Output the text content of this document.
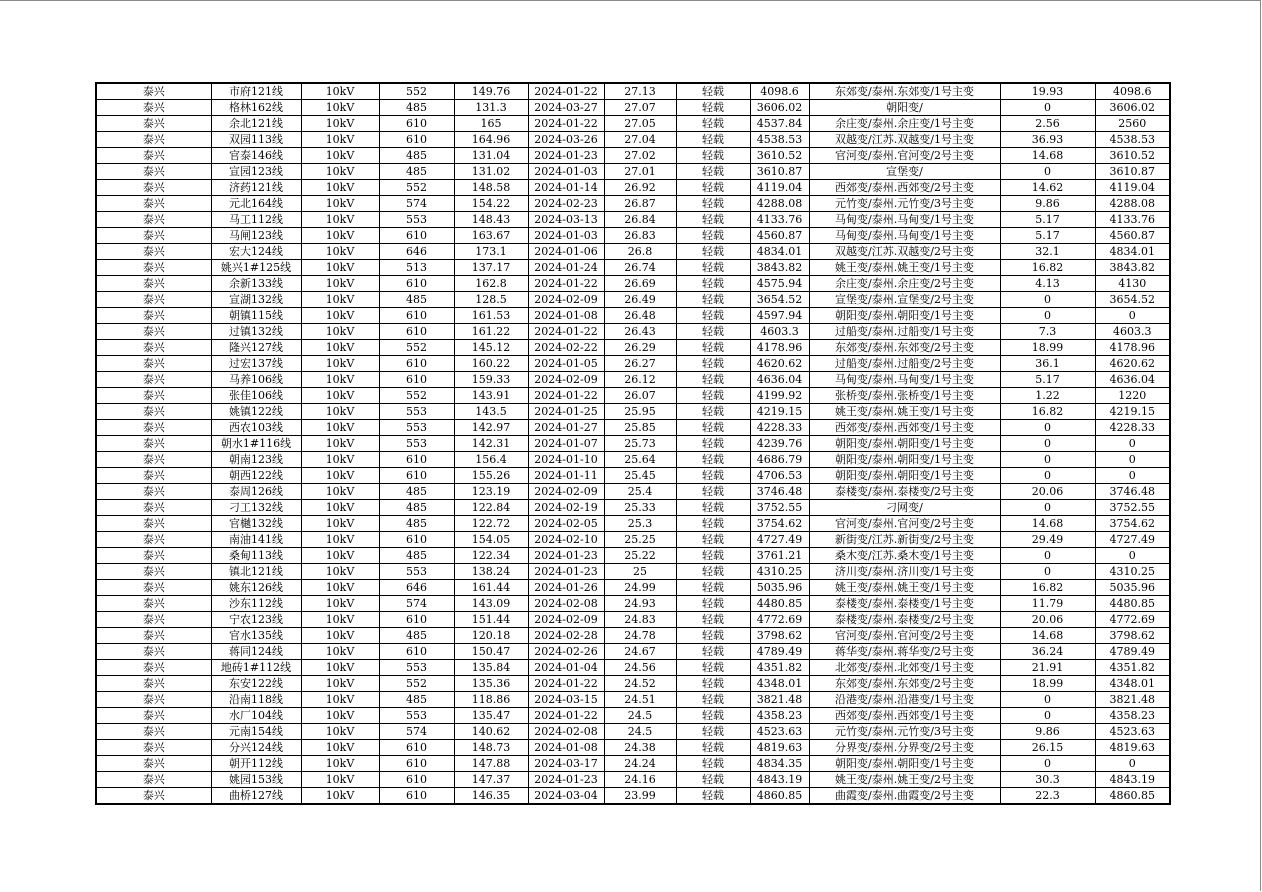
泰兴	市府121线	10kV	552	149.76	2024-01-22	27.13	轻载	4098.6	东郊变/泰州.东郊变/1号主变	19.93	4098.6
泰兴	格林162线	10kV	485	131.3	2024-03-27	27.07	轻载	3606.02	朝阳变/	0	3606.02
泰兴	余北121线	10kV	610	165	2024-01-22	27.05	轻载	4537.84	余庄变/泰州.余庄变/1号主变	2.56	2560
泰兴	双园113线	10kV	610	164.96	2024-03-26	27.04	轻载	4538.53	双越变/江苏.双越变/1号主变	36.93	4538.53
泰兴	官泰146线	10kV	485	131.04	2024-01-23	27.02	轻载	3610.52	官河变/泰州.官河变/2号主变	14.68	3610.52
泰兴	宣园123线	10kV	485	131.02	2024-01-03	27.01	轻载	3610.87	宣堡变/	0	3610.87
泰兴	济药121线	10kV	552	148.58	2024-01-14	26.92	轻载	4119.04	西郊变/泰州.西郊变/2号主变	14.62	4119.04
泰兴	元北164线	10kV	574	154.22	2024-02-23	26.87	轻载	4288.08	元竹变/泰州.元竹变/3号主变	9.86	4288.08
泰兴	马工112线	10kV	553	148.43	2024-03-13	26.84	轻载	4133.76	马甸变/泰州.马甸变/1号主变	5.17	4133.76
泰兴	马闸123线	10kV	610	163.67	2024-01-03	26.83	轻载	4560.87	马甸变/泰州.马甸变/1号主变	5.17	4560.87
泰兴	宏大124线	10kV	646	173.1	2024-01-06	26.8	轻载	4834.01	双越变/江苏.双越变/2号主变	32.1	4834.01
泰兴	姚兴1#125线	10kV	513	137.17	2024-01-24	26.74	轻载	3843.82	姚王变/泰州.姚王变/1号主变	16.82	3843.82
泰兴	余新133线	10kV	610	162.8	2024-01-22	26.69	轻载	4575.94	余庄变/泰州.余庄变/2号主变	4.13	4130
泰兴	宣湖132线	10kV	485	128.5	2024-02-09	26.49	轻载	3654.52	宣堡变/泰州.宣堡变/2号主变	0	3654.52
泰兴	朝镇115线	10kV	610	161.53	2024-01-08	26.48	轻载	4597.94	朝阳变/泰州.朝阳变/1号主变	0	0
泰兴	过镇132线	10kV	610	161.22	2024-01-22	26.43	轻载	4603.3	过船变/泰州.过船变/1号主变	7.3	4603.3
泰兴	隆兴127线	10kV	552	145.12	2024-02-22	26.29	轻载	4178.96	东郊变/泰州.东郊变/2号主变	18.99	4178.96
泰兴	过宏137线	10kV	610	160.22	2024-01-05	26.27	轻载	4620.62	过船变/泰州.过船变/2号主变	36.1	4620.62
泰兴	马养106线	10kV	610	159.33	2024-02-09	26.12	轻载	4636.04	马甸变/泰州.马甸变/1号主变	5.17	4636.04
泰兴	张佳106线	10kV	552	143.91	2024-01-22	26.07	轻载	4199.92	张桥变/泰州.张桥变/1号主变	1.22	1220
泰兴	姚镇122线	10kV	553	143.5	2024-01-25	25.95	轻载	4219.15	姚王变/泰州.姚王变/1号主变	16.82	4219.15
泰兴	西农103线	10kV	553	142.97	2024-01-27	25.85	轻载	4228.33	西郊变/泰州.西郊变/1号主变	0	4228.33
泰兴	朝水1#116线	10kV	553	142.31	2024-01-07	25.73	轻载	4239.76	朝阳变/泰州.朝阳变/1号主变	0	0
泰兴	朝南123线	10kV	610	156.4	2024-01-10	25.64	轻载	4686.79	朝阳变/泰州.朝阳变/1号主变	0	0
泰兴	朝西122线	10kV	610	155.26	2024-01-11	25.45	轻载	4706.53	朝阳变/泰州.朝阳变/1号主变	0	0
泰兴	泰周126线	10kV	485	123.19	2024-02-09	25.4	轻载	3746.48	泰楼变/泰州.泰楼变/2号主变	20.06	3746.48
泰兴	刁工132线	10kV	485	122.84	2024-02-19	25.33	轻载	3752.55	刁网变/	0	3752.55
泰兴	官樾132线	10kV	485	122.72	2024-02-05	25.3	轻载	3754.62	官河变/泰州.官河变/2号主变	14.68	3754.62
泰兴	南油141线	10kV	610	154.05	2024-02-10	25.25	轻载	4727.49	新街变/江苏.新街变/2号主变	29.49	4727.49
泰兴	桑甸113线	10kV	485	122.34	2024-01-23	25.22	轻载	3761.21	桑木变/江苏.桑木变/1号主变	0	0
泰兴	镇北121线	10kV	553	138.24	2024-01-23	25	轻载	4310.25	济川变/泰州.济川变/1号主变	0	4310.25
泰兴	姚东126线	10kV	646	161.44	2024-01-26	24.99	轻载	5035.96	姚王变/泰州.姚王变/1号主变	16.82	5035.96
泰兴	沙东112线	10kV	574	143.09	2024-02-08	24.93	轻载	4480.85	泰楼变/泰州.泰楼变/1号主变	11.79	4480.85
泰兴	宁农123线	10kV	610	151.44	2024-02-09	24.83	轻载	4772.69	泰楼变/泰州.泰楼变/2号主变	20.06	4772.69
泰兴	官水135线	10kV	485	120.18	2024-02-28	24.78	轻载	3798.62	官河变/泰州.官河变/2号主变	14.68	3798.62
泰兴	蒋同124线	10kV	610	150.47	2024-02-26	24.67	轻载	4789.49	蒋华变/泰州.蒋华变/2号主变	36.24	4789.49
泰兴	地砖1#112线	10kV	553	135.84	2024-01-04	24.56	轻载	4351.82	北郊变/泰州.北郊变/1号主变	21.91	4351.82
泰兴	东安122线	10kV	552	135.36	2024-01-22	24.52	轻载	4348.01	东郊变/泰州.东郊变/2号主变	18.99	4348.01
泰兴	沿南118线	10kV	485	118.86	2024-03-15	24.51	轻载	3821.48	沿港变/泰州.沿港变/1号主变	0	3821.48
泰兴	水厂104线	10kV	553	135.47	2024-01-22	24.5	轻载	4358.23	西郊变/泰州.西郊变/1号主变	0	4358.23
泰兴	元南154线	10kV	574	140.62	2024-02-08	24.5	轻载	4523.63	元竹变/泰州.元竹变/3号主变	9.86	4523.63
泰兴	分兴124线	10kV	610	148.73	2024-01-08	24.38	轻载	4819.63	分界变/泰州.分界变/2号主变	26.15	4819.63
泰兴	朝开112线	10kV	610	147.88	2024-03-17	24.24	轻载	4834.35	朝阳变/泰州.朝阳变/1号主变	0	0
泰兴	姚园153线	10kV	610	147.37	2024-01-23	24.16	轻载	4843.19	姚王变/泰州.姚王变/2号主变	30.3	4843.19
泰兴	曲桥127线	10kV	610	146.35	2024-03-04	23.99	轻载	4860.85	曲霞变/泰州.曲霞变/2号主变	22.3	4860.85
